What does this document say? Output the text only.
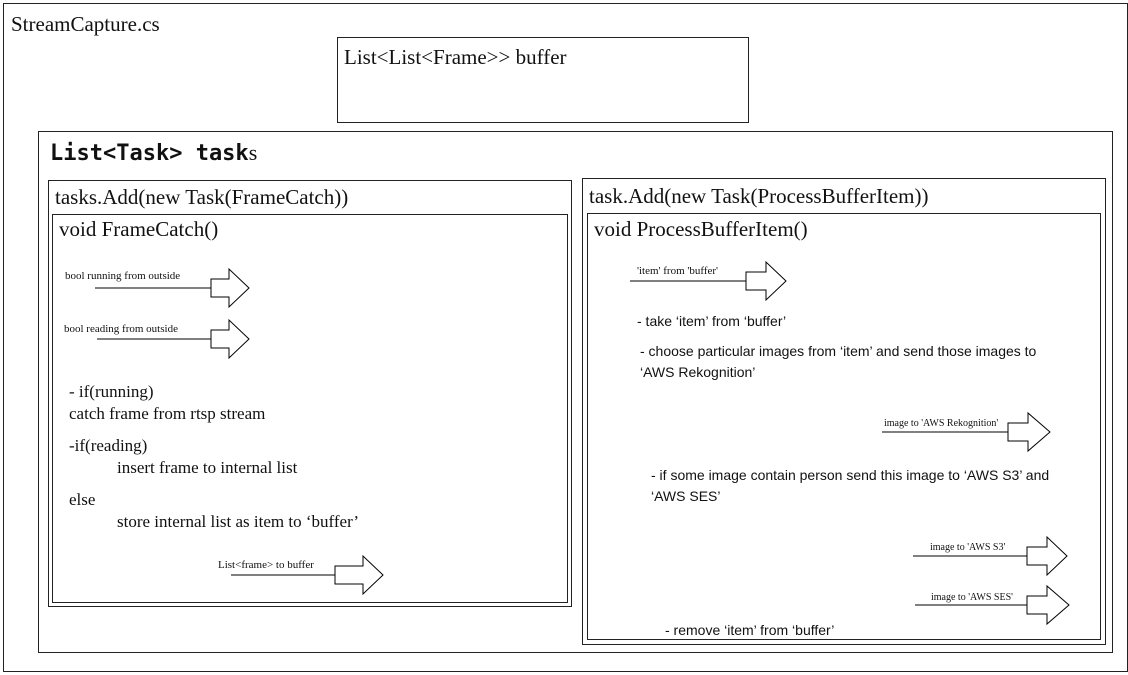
StreamCapture.cs
List<List<Frame>> buffer
List<Task> tasks
tasks.Add(new Task(FrameCatch))
void FrameCatch()
bool running from outside
bool reading from outside
- if(running)
catch frame from rtsp stream
-if(reading)
insert frame to internal list
else
store internal list as item to ‘buffer’
List<frame> to buffer
task.Add(new Task(ProcessBufferItem))
void ProcessBufferItem()
'item' from 'buffer'
- take ‘item’ from ‘buffer’
- choose particular images from ‘item’ and send those images to
‘AWS Rekognition’
image to 'AWS Rekognition'
- if some image contain person send this image to ‘AWS S3’ and
‘AWS SES’
image to 'AWS S3'
image to 'AWS SES'
- remove ‘item’ from ‘buffer’
